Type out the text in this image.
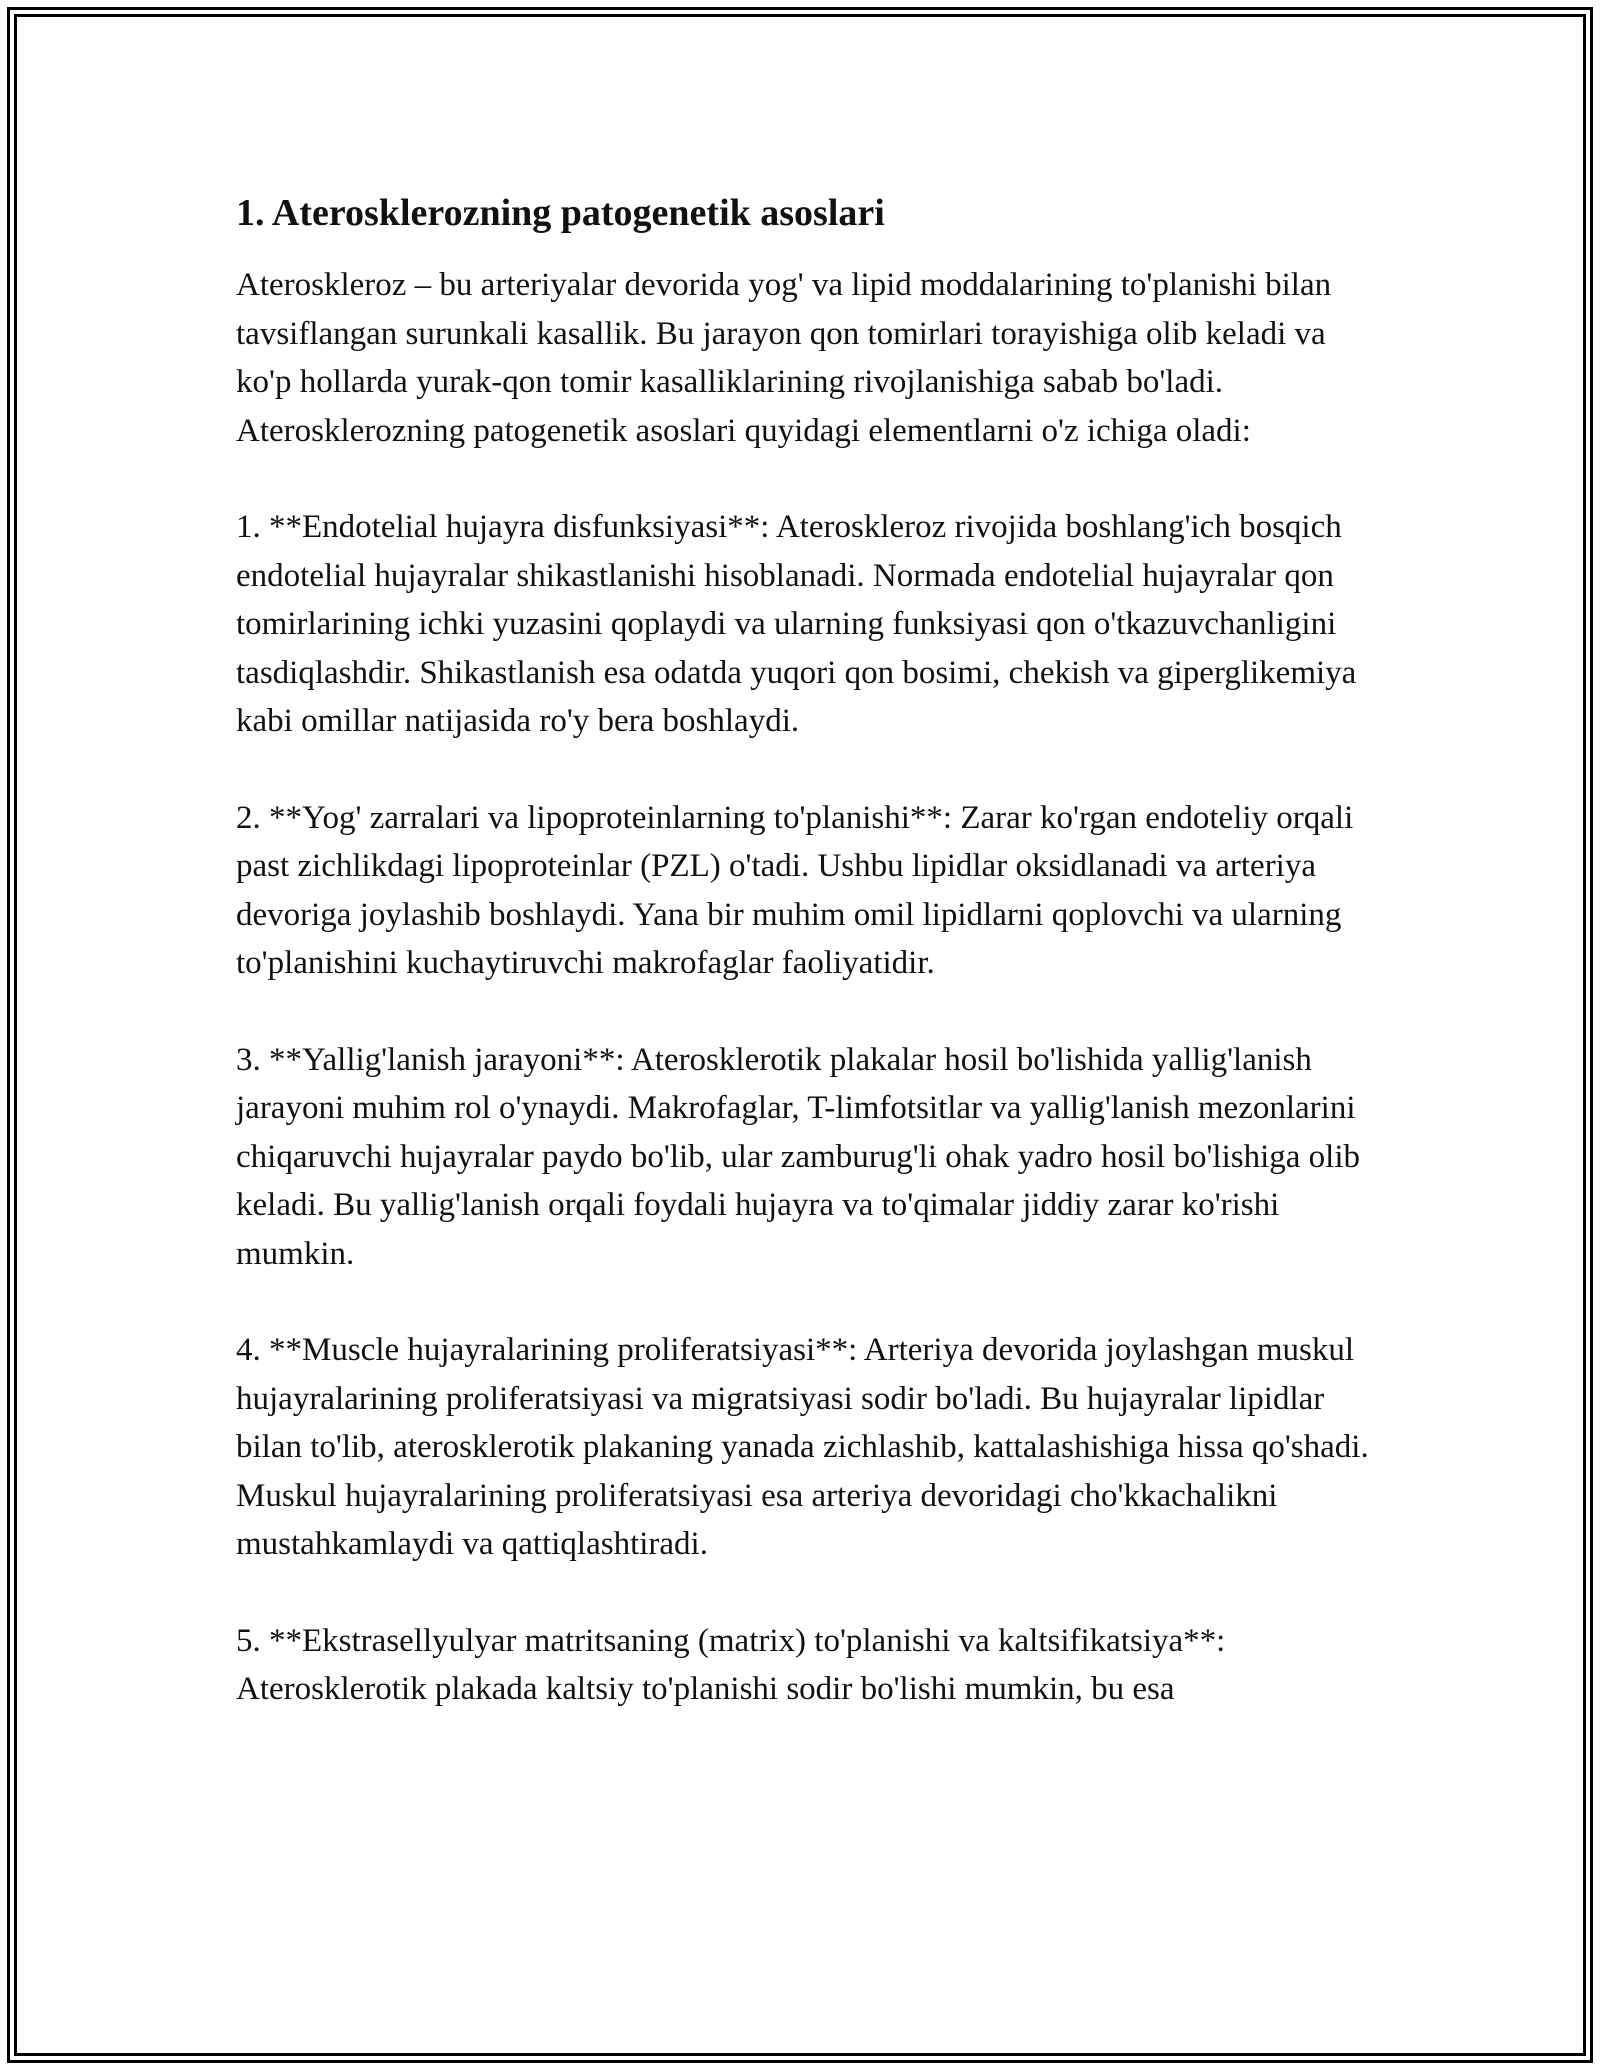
1. Aterosklerozning patogenetik asoslari

Ateroskleroz – bu arteriyalar devorida yog' va lipid moddalarining to'planishi bilan tavsiflangan surunkali kasallik. Bu jarayon qon tomirlari torayishiga olib keladi va ko'p hollarda yurak-qon tomir kasalliklarining rivojlanishiga sabab bo'ladi. Aterosklerozning patogenetik asoslari quyidagi elementlarni o'z ichiga oladi:

1. **Endotelial hujayra disfunksiyasi**: Ateroskleroz rivojida boshlang'ich bosqich endotelial hujayralar shikastlanishi hisoblanadi. Normada endotelial hujayralar qon tomirlarining ichki yuzasini qoplaydi va ularning funksiyasi qon o'tkazuvchanligini tasdiqlashdir. Shikastlanish esa odatda yuqori qon bosimi, chekish va giperglikemiya kabi omillar natijasida ro'y bera boshlaydi.

2. **Yog' zarralari va lipoproteinlarning to'planishi**: Zarar ko'rgan endoteliy orqali past zichlikdagi lipoproteinlar (PZL) o'tadi. Ushbu lipidlar oksidlanadi va arteriya devoriga joylashib boshlaydi. Yana bir muhim omil lipidlarni qoplovchi va ularning to'planishini kuchaytiruvchi makrofaglar faoliyatidir.

3. **Yallig'lanish jarayoni**: Aterosklerotik plakalar hosil bo'lishida yallig'lanish jarayoni muhim rol o'ynaydi. Makrofaglar, T-limfotsitlar va yallig'lanish mezonlarini chiqaruvchi hujayralar paydo bo'lib, ular zamburug'li ohak yadro hosil bo'lishiga olib keladi. Bu yallig'lanish orqali foydali hujayra va to'qimalar jiddiy zarar ko'rishi mumkin.

4. **Muscle hujayralarining proliferatsiyasi**: Arteriya devorida joylashgan muskul hujayralarining proliferatsiyasi va migratsiyasi sodir bo'ladi. Bu hujayralar lipidlar bilan to'lib, aterosklerotik plakaning yanada zichlashib, kattalashishiga hissa qo'shadi. Muskul hujayralarining proliferatsiyasi esa arteriya devoridagi cho'kkachalikni mustahkamlaydi va qattiqlashtiradi.

5. **Ekstrasellyulyar matritsaning (matrix) to'planishi va kaltsifikatsiya**: Aterosklerotik plakada kaltsiy to'planishi sodir bo'lishi mumkin, bu esa
